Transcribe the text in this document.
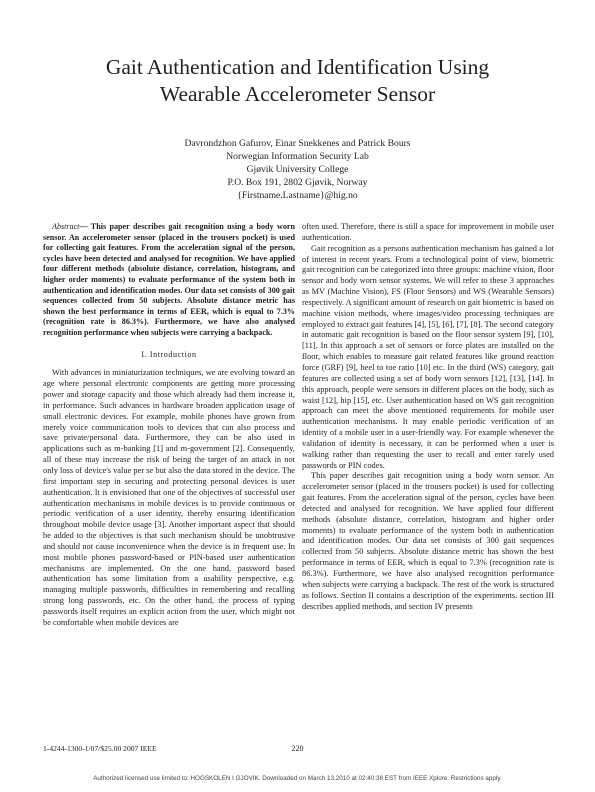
Gait Authentication and Identification Using
Wearable Accelerometer Sensor
Davrondzhon Gafurov, Einar Snekkenes and Patrick Bours
Norwegian Information Security Lab
Gjøvik University College
P.O. Box 191, 2802 Gjøvik, Norway
{Firstname.Lastname}@hig.no

Abstract— This paper describes gait recognition using a body worn sensor. An accelerometer sensor (placed in the trousers pocket) is used for collecting gait features. From the acceleration signal of the person, cycles have been detected and analysed for recognition. We have applied four different methods (absolute distance, correlation, histogram, and higher order moments) to evaluate performance of the system both in authentication and identification modes. Our data set consists of 300 gait sequences collected from 50 subjects. Absolute distance metric has shown the best performance in terms of EER, which is equal to 7.3% (recognition rate is 86.3%). Furthermore, we have also analysed recognition performance when subjects were carrying a backpack.

I. Introduction

With advances in miniaturization techniques, we are evolving toward an age where personal electronic components are getting more processing power and storage capacity and those which already had them increase it, in performance. Such advances in hardware broaden application usage of small electronic devices. For example, mobile phones have grown from merely voice communication tools to devices that can also process and save private/personal data. Furthermore, they can be also used in applications such as m-banking [1] and m-government [2]. Consequently, all of these may increase the risk of being the target of an attack in not only loss of device's value per se but also the data stored in the device. The first important step in securing and protecting personal devices is user authentication. It is envisioned that one of the objectives of successful user authentication mechanisms in mobile devices is to provide continuous or periodic verification of a user identity, thereby ensuring identification throughout mobile device usage [3]. Another important aspect that should be added to the objectives is that such mechanism should be unobtrusive and should not cause inconvenience when the device is in frequent use. In most mobile phones password-based or PIN-based user authentication mechanisms are implemented. On the one hand, password based authentication has some limitation from a usability perspective, e.g. managing multiple passwords, difficulties in remembering and recalling strong long passwords, etc. On the other hand, the process of typing passwords itself requires an explicit action from the user, which might not be comfortable when mobile devices are

often used. Therefore, there is still a space for improvement in mobile user authentication.

Gait recognition as a persons authentication mechanism has gained a lot of interest in recent years. From a technological point of view, biometric gait recognition can be categorized into three groups: machine vision, floor sensor and body worn sensor systems. We will refer to these 3 approaches as MV (Machine Vision), FS (Floor Sensors) and WS (Wearable Sensors) respectively. A significant amount of research on gait biometric is based on machine vision methods, where images/video processing techniques are employed to extract gait features [4], [5], [6], [7], [8]. The second category in automatic gait recognition is based on the floor sensor system [9], [10], [11]. In this approach a set of sensors or force plates are installed on the floor, which enables to measure gait related features like ground reaction force (GRF) [9], heel to toe ratio [10] etc. In the third (WS) category, gait features are collected using a set of body worn sensors [12], [13], [14]. In this approach, people were sensors in different places on the body, such as waist [12], hip [15], etc. User authentication based on WS gait recognition approach can meet the above mentioned requirements for mobile user authentication mechanisms. It may enable periodic verification of an identity of a mobile user in a user-friendly way. For example whenever the validation of identity is necessary, it can be performed when a user is walking rather than requesting the user to recall and enter rarely used passwords or PIN codes.

This paper describes gait recognition using a body worn sensor. An accelerometer sensor (placed in the trousers pocket) is used for collecting gait features. From the acceleration signal of the person, cycles have been detected and analysed for recognition. We have applied four different methods (absolute distance, correlation, histogram and higher order moments) to evaluate performance of the system both in authentication and identification modes. Our data set consists of 300 gait sequences collected from 50 subjects. Absolute distance metric has shown the best performance in terms of EER, which is equal to 7.3% (recognition rate is 86.3%). Furthermore, we have also analysed recognition performance when subjects were carrying a backpack. The rest of the work is structured as follows. Section II contains a description of the experiments. section III describes applied methods, and section IV presents

1-4244-1300-1/07/$25.00 2007 IEEE	220
Authorized licensed use limited to: HOGSKOLEN I GJOVIK. Downloaded on March 13,2010 at 02:40:38 EST from IEEE Xplore. Restrictions apply.
